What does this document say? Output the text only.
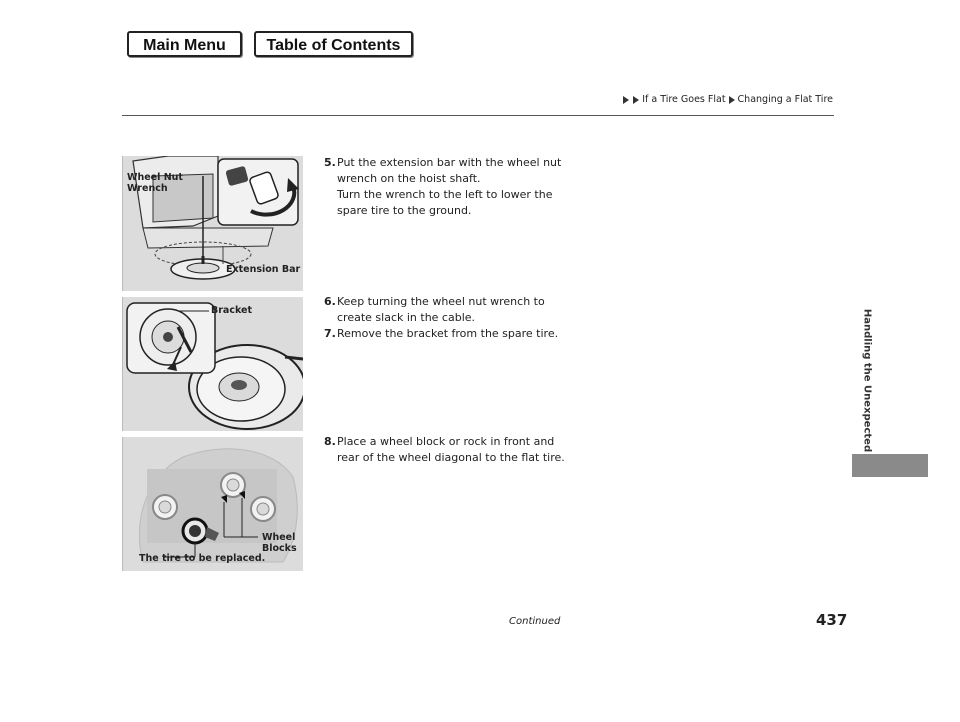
Main Menu	Table of Contents
If a Tire Goes Flat Changing a Flat Tire
Handling the Unexpected
Wheel Nut
Wrench
Extension Bar
Bracket
Wheel
Blocks
The tire to be replaced.
5. Put the extension bar with the wheel nut
wrench on the hoist shaft.
Turn the wrench to the left to lower the
spare tire to the ground.
6. Keep turning the wheel nut wrench to
create slack in the cable.
7. Remove the bracket from the spare tire.
8. Place a wheel block or rock in front and
rear of the wheel diagonal to the flat tire.
Continued	437
